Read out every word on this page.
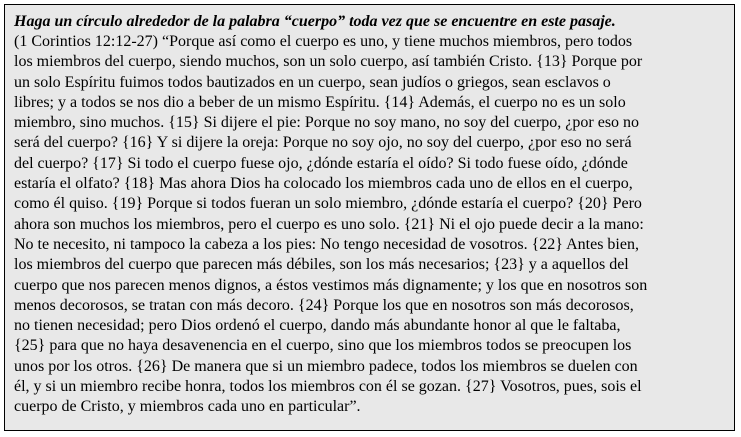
Haga un círculo alrededor de la palabra “cuerpo” toda vez que se encuentre en este pasaje.

(1 Corintios 12:12-27) “Porque así como el cuerpo es uno, y tiene muchos miembros, pero todos
los miembros del cuerpo, siendo muchos, son un solo cuerpo, así también Cristo. {13} Porque por
un solo Espíritu fuimos todos bautizados en un cuerpo, sean judíos o griegos, sean esclavos o
libres; y a todos se nos dio a beber de un mismo Espíritu. {14} Además, el cuerpo no es un solo
miembro, sino muchos. {15} Si dijere el pie: Porque no soy mano, no soy del cuerpo, ¿por eso no
será del cuerpo? {16} Y si dijere la oreja: Porque no soy ojo, no soy del cuerpo, ¿por eso no será
del cuerpo? {17} Si todo el cuerpo fuese ojo, ¿dónde estaría el oído? Si todo fuese oído, ¿dónde
estaría el olfato? {18} Mas ahora Dios ha colocado los miembros cada uno de ellos en el cuerpo,
como él quiso. {19} Porque si todos fueran un solo miembro, ¿dónde estaría el cuerpo? {20} Pero
ahora son muchos los miembros, pero el cuerpo es uno solo. {21} Ni el ojo puede decir a la mano:
No te necesito, ni tampoco la cabeza a los pies: No tengo necesidad de vosotros. {22} Antes bien,
los miembros del cuerpo que parecen más débiles, son los más necesarios; {23} y a aquellos del
cuerpo que nos parecen menos dignos, a éstos vestimos más dignamente; y los que en nosotros son
menos decorosos, se tratan con más decoro. {24} Porque los que en nosotros son más decorosos,
no tienen necesidad; pero Dios ordenó el cuerpo, dando más abundante honor al que le faltaba,
{25} para que no haya desavenencia en el cuerpo, sino que los miembros todos se preocupen los
unos por los otros. {26} De manera que si un miembro padece, todos los miembros se duelen con
él, y si un miembro recibe honra, todos los miembros con él se gozan. {27} Vosotros, pues, sois el
cuerpo de Cristo, y miembros cada uno en particular”.
